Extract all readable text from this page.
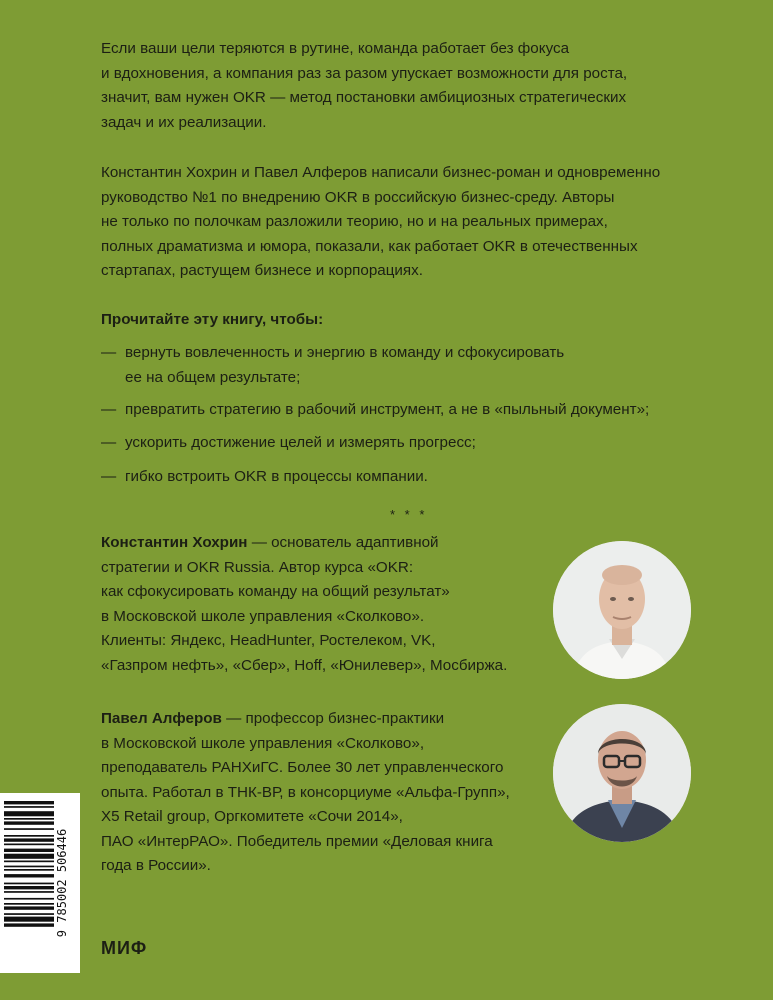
Если ваши цели теряются в рутине, команда работает без фокуса
и вдохновения, а компания раз за разом упускает возможности для роста,
значит, вам нужен OKR — метод постановки амбициозных стратегических
задач и их реализации.

Константин Хохрин и Павел Алферов написали бизнес-роман и одновременно
руководство №1 по внедрению OKR в российскую бизнес-среду. Авторы
не только по полочкам разложили теорию, но и на реальных примерах,
полных драматизма и юмора, показали, как работает OKR в отечественных
стартапах, растущем бизнесе и корпорациях.

Прочитайте эту книгу, чтобы:

— вернуть вовлеченность и энергию в команду и сфокусировать
ее на общем результате;
— превратить стратегию в рабочий инструмент, а не в «пыльный документ»;
— ускорить достижение целей и измерять прогресс;
— гибко встроить OKR в процессы компании.
* * *

Константин Хохрин — основатель адаптивной
стратегии и OKR Russia. Автор курса «OKR:
как сфокусировать команду на общий результат»
в Московской школе управления «Сколково».
Клиенты: Яндекс, HeadHunter, Ростелеком, VK,
«Газпром нефть», «Сбер», Hoff, «Юнилевер», Мосбиржа.

Павел Алферов — профессор бизнес-практики
в Московской школе управления «Сколково»,
преподаватель РАНХиГС. Более 30 лет управленческого
опыта. Работал в ТНК-ВР, в консорциуме «Альфа-Групп»,
X5 Retail group, Оргкомитете «Сочи 2014»,
ПАО «ИнтерРАО». Победитель премии «Деловая книга
года в России».

9 785002 506446
МИФ
